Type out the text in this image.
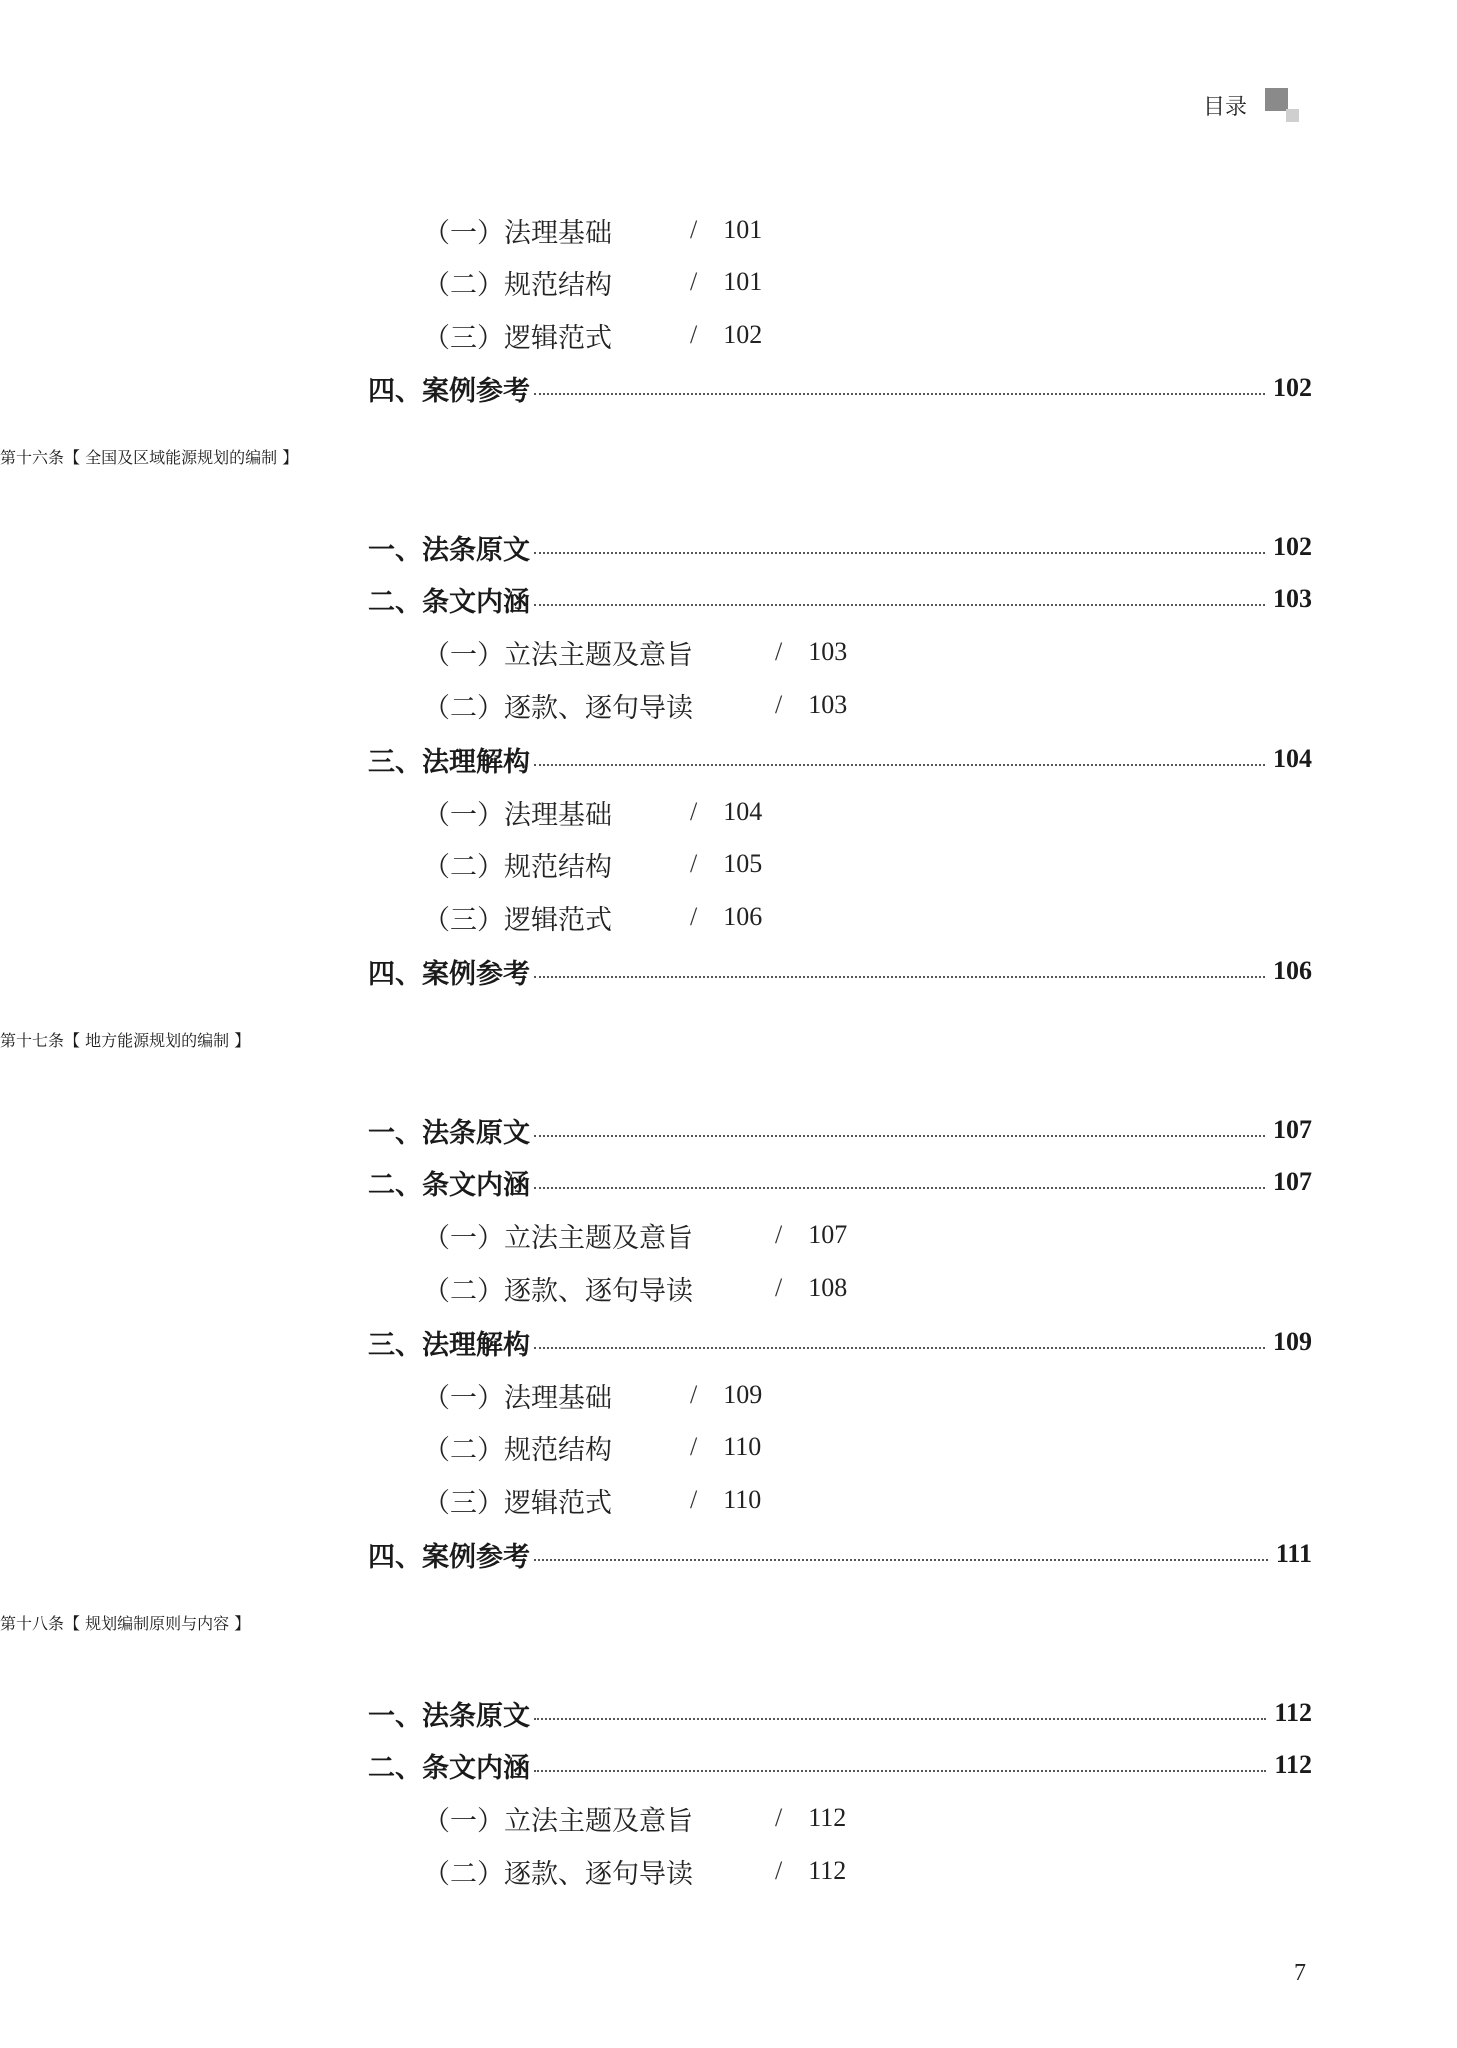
目录
（一）法理基础	/ 101
（二）规范结构	/ 101
（三）逻辑范式	/ 102
四、案例参考	102
第十六条【 全国及区域能源规划的编制 】
一、法条原文	102
二、条文内涵	103
（一）立法主题及意旨	/ 103
（二）逐款、逐句导读	/ 103
三、法理解构	104
（一）法理基础	/ 104
（二）规范结构	/ 105
（三）逻辑范式	/ 106
四、案例参考	106
第十七条【 地方能源规划的编制 】
一、法条原文	107
二、条文内涵	107
（一）立法主题及意旨	/ 107
（二）逐款、逐句导读	/ 108
三、法理解构	109
（一）法理基础	/ 109
（二）规范结构	/ 110
（三）逻辑范式	/ 110
四、案例参考	111
第十八条【 规划编制原则与内容 】
一、法条原文	112
二、条文内涵	112
（一）立法主题及意旨	/ 112
（二）逐款、逐句导读	/ 112
7
